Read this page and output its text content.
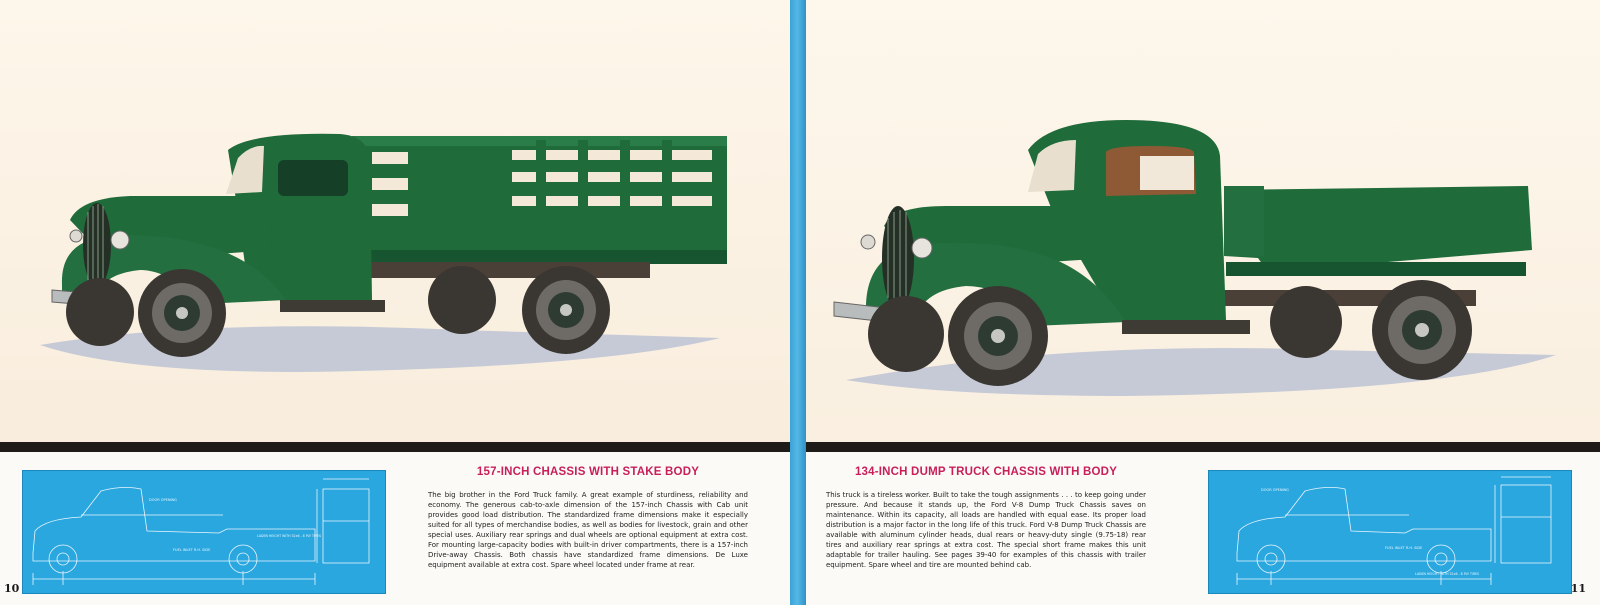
DOOR OPENING
LADEN HEIGHT WITH 32x6 - 8 PLY TIRES
FUEL INLET R.H. SIDE
157-INCH CHASSIS WITH STAKE BODY

The big brother in the Ford Truck family. A great example of sturdiness, reliability and economy. The generous cab-to-axle dimension of the 157-inch Chassis with Cab unit provides good load distribution. The standardized frame dimensions make it especially suited for all types of merchandise bodies, as well as bodies for livestock, grain and other special uses. Auxiliary rear springs and dual wheels are optional equipment at extra cost. For mounting large-capacity bodies with built-in driver compartments, there is a 157-inch Drive-away Chassis. Both chassis have standardized frame dimensions. De Luxe equipment available at extra cost. Spare wheel located under frame at rear.

10
134-INCH DUMP TRUCK CHASSIS WITH BODY

This truck is a tireless worker. Built to take the tough assignments . . . to keep going under pressure. And because it stands up, the Ford V-8 Dump Truck Chassis saves on maintenance. Within its capacity, all loads are handled with equal ease. Its proper load distribution is a major factor in the long life of this truck. Ford V-8 Dump Truck Chassis are available with aluminum cylinder heads, dual rears or heavy-duty single (9.75-18) rear tires and auxiliary rear springs at extra cost. The special short frame makes this unit adaptable for trailer hauling. See pages 39-40 for examples of this chassis with trailer equipment. Spare wheel and tire are mounted behind cab.

DOOR OPENING
LADEN HEIGHT WITH 32x6 - 8 PLY TIRES
FUEL INLET R.H. SIDE
11
